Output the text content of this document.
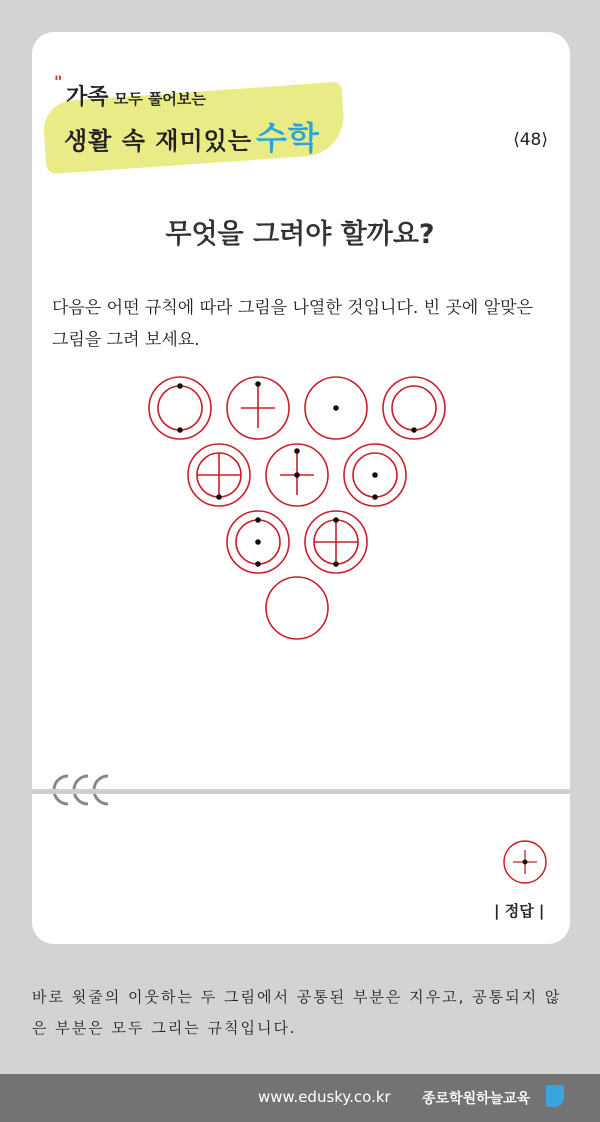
"
가족 모두 풀어보는
생활 속 재미있는 수학	⟨48⟩
무엇을 그려야 할까요?
다음은 어떤 규칙에 따라 그림을 나열한 것입니다. 빈 곳에 알맞은 그림을 그려 보세요.
| 정답 |
바로 윗줄의 이웃하는 두 그림에서 공통된 부분은 지우고, 공통되지 않은 부분은 모두 그리는 규칙입니다.
www.edusky.co.kr 종로학원하늘교육
